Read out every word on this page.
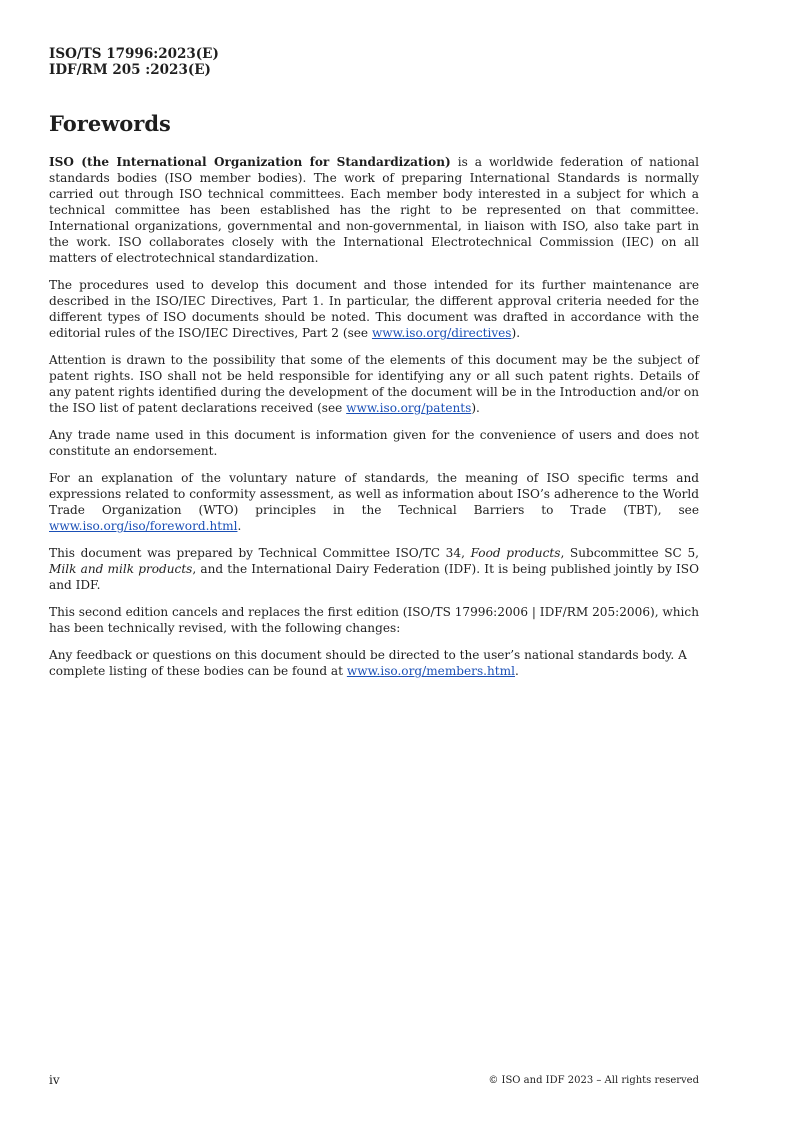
ISO/TS 17996:2023(E)
IDF/RM 205 :2023(E)
Forewords

ISO (the International Organization for Standardization) is a worldwide federation of national standards bodies (ISO member bodies). The work of preparing International Standards is normally carried out through ISO technical committees. Each member body interested in a subject for which a technical committee has been established has the right to be represented on that committee. International organizations, governmental and non-governmental, in liaison with ISO, also take part in the work. ISO collaborates closely with the International Electrotechnical Commission (IEC) on all matters of electrotechnical standardization.

The procedures used to develop this document and those intended for its further maintenance are described in the ISO/IEC Directives, Part 1. In particular, the different approval criteria needed for the different types of ISO documents should be noted. This document was drafted in accordance with the editorial rules of the ISO/IEC Directives, Part 2 (see www.iso.org/directives).

Attention is drawn to the possibility that some of the elements of this document may be the subject of patent rights. ISO shall not be held responsible for identifying any or all such patent rights. Details of any patent rights identified during the development of the document will be in the Introduction and/or on the ISO list of patent declarations received (see www.iso.org/patents).

Any trade name used in this document is information given for the convenience of users and does not constitute an endorsement.

For an explanation of the voluntary nature of standards, the meaning of ISO specific terms and expressions related to conformity assessment, as well as information about ISO’s adherence to the World Trade Organization (WTO) principles in the Technical Barriers to Trade (TBT), see www.iso.org/iso/foreword.html.

This document was prepared by Technical Committee ISO/TC 34, Food products, Subcommittee SC 5, Milk and milk products, and the International Dairy Federation (IDF). It is being published jointly by ISO and IDF.

This second edition cancels and replaces the first edition (ISO/TS 17996:2006 | IDF/RM 205:2006), which has been technically revised, with the following changes:

Any feedback or questions on this document should be directed to the user’s national standards body. A complete listing of these bodies can be found at www.iso.org/members.html.

iv	© ISO and IDF 2023 – All rights reserved
